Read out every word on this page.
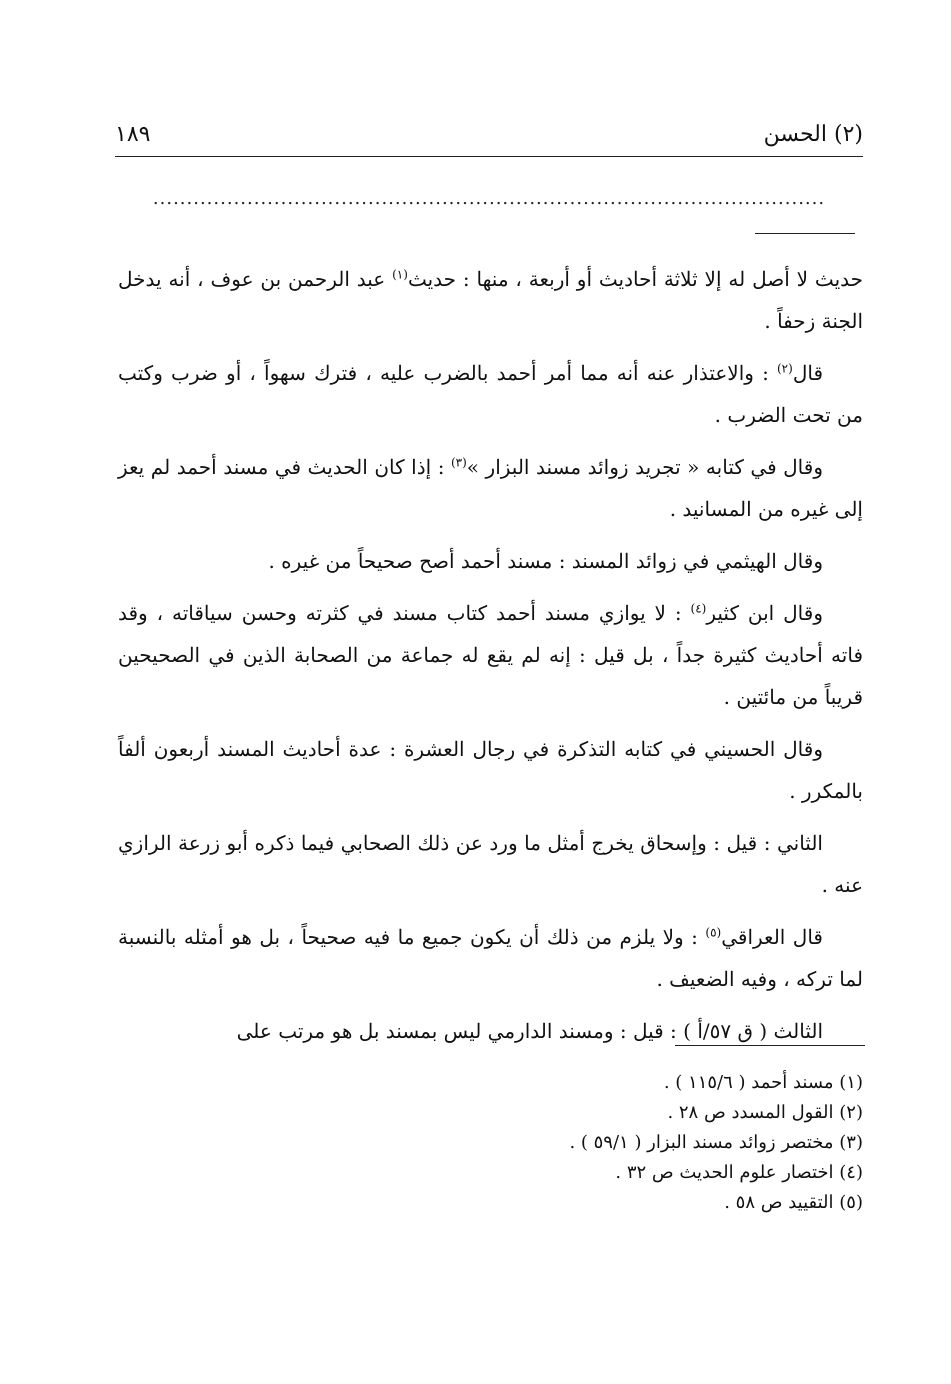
(٢) الحسن
١٨٩
....................................................................................................

حديث لا أصل له إلا ثلاثة أحاديث أو أربعة ، منها : حديث$^{(١)}$ عبد الرحمن بن عوف ، أنه يدخل الجنة زحفاً .

قال$^{(٢)}$ : والاعتذار عنه أنه مما أمر أحمد بالضرب عليه ، فترك سهواً ، أو ضرب وكتب من تحت الضرب .

وقال في كتابه « تجريد زوائد مسند البزار »$^{(٣)}$ : إذا كان الحديث في مسند أحمد لم يعز إلى غيره من المسانيد .

وقال الهيثمي في زوائد المسند : مسند أحمد أصح صحيحاً من غيره .

وقال ابن كثير$^{(٤)}$ : لا يوازي مسند أحمد كتاب مسند في كثرته وحسن سياقاته ، وقد فاته أحاديث كثيرة جداً ، بل قيل : إنه لم يقع له جماعة من الصحابة الذين في الصحيحين قريباً من مائتين .

وقال الحسيني في كتابه التذكرة في رجال العشرة : عدة أحاديث المسند أربعون ألفاً بالمكرر .

الثاني : قيل : وإسحاق يخرج أمثل ما ورد عن ذلك الصحابي فيما ذكره أبو زرعة الرازي عنه .

قال العراقي$^{(٥)}$ : ولا يلزم من ذلك أن يكون جميع ما فيه صحيحاً ، بل هو أمثله بالنسبة لما تركه ، وفيه الضعيف .

الثالث ( ق ٥٧/أ ) : قيل : ومسند الدارمي ليس بمسند بل هو مرتب على

(١) مسند أحمد ( ١١٥/٦ ) .
(٢) القول المسدد ص ٢٨ .
(٣) مختصر زوائد مسند البزار ( ٥٩/١ ) .
(٤) اختصار علوم الحديث ص ٣٢ .
(٥) التقييد ص ٥٨ .
